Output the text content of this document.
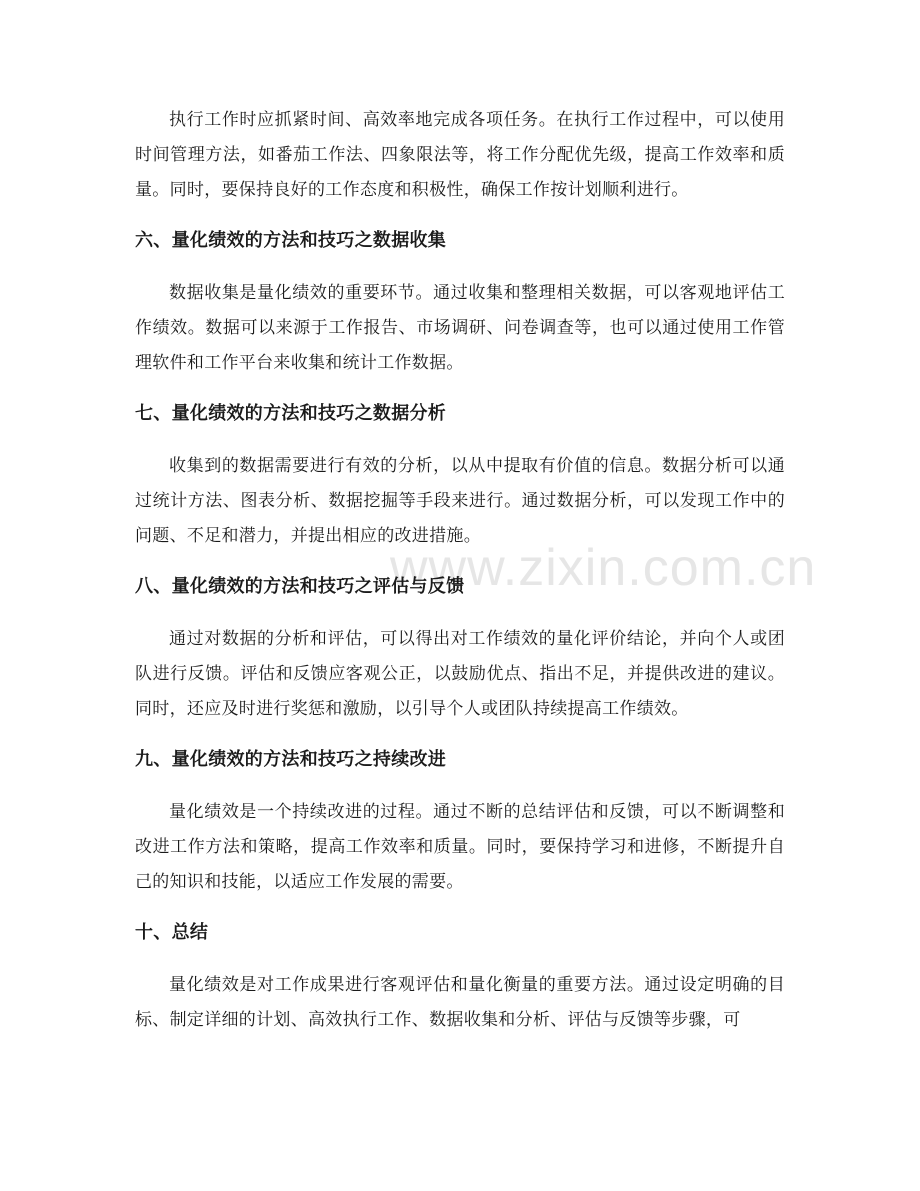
www.zixin.com.cn

执行工作时应抓紧时间、高效率地完成各项任务。在执行工作过程中，可以使用时间管理方法，如番茄工作法、四象限法等，将工作分配优先级，提高工作效率和质量。同时，要保持良好的工作态度和积极性，确保工作按计划顺利进行。

六、量化绩效的方法和技巧之数据收集

数据收集是量化绩效的重要环节。通过收集和整理相关数据，可以客观地评估工作绩效。数据可以来源于工作报告、市场调研、问卷调查等，也可以通过使用工作管理软件和工作平台来收集和统计工作数据。

七、量化绩效的方法和技巧之数据分析

收集到的数据需要进行有效的分析，以从中提取有价值的信息。数据分析可以通过统计方法、图表分析、数据挖掘等手段来进行。通过数据分析，可以发现工作中的问题、不足和潜力，并提出相应的改进措施。

八、量化绩效的方法和技巧之评估与反馈

通过对数据的分析和评估，可以得出对工作绩效的量化评价结论，并向个人或团队进行反馈。评估和反馈应客观公正，以鼓励优点、指出不足，并提供改进的建议。同时，还应及时进行奖惩和激励，以引导个人或团队持续提高工作绩效。

九、量化绩效的方法和技巧之持续改进

量化绩效是一个持续改进的过程。通过不断的总结评估和反馈，可以不断调整和改进工作方法和策略，提高工作效率和质量。同时，要保持学习和进修，不断提升自己的知识和技能，以适应工作发展的需要。

十、总结

量化绩效是对工作成果进行客观评估和量化衡量的重要方法。通过设定明确的目标、制定详细的计划、高效执行工作、数据收集和分析、评估与反馈等步骤，可
